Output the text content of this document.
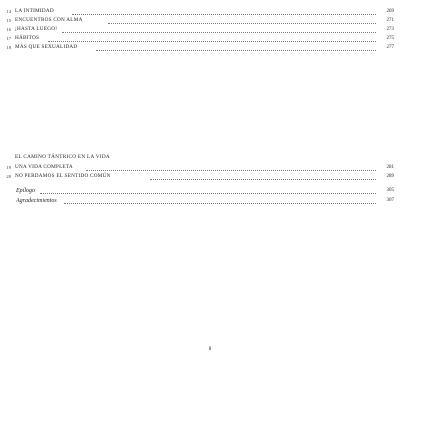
14 LA INTIMIDAD	269
15 ENCUENTROS CON ALMA	271
16 ¡HASTA LUEGO!	273
17 HÁBITOS	275
18 MÁS QUE SEXUALIDAD	277
EL CAMINO TÁNTRICO EN LA VIDA
19 UNA VIDA COMPLETA	281
20 NO PERDAMOS EL SENTIDO COMÚN	289
Epílogo	305
Agradecimientos	307
8
